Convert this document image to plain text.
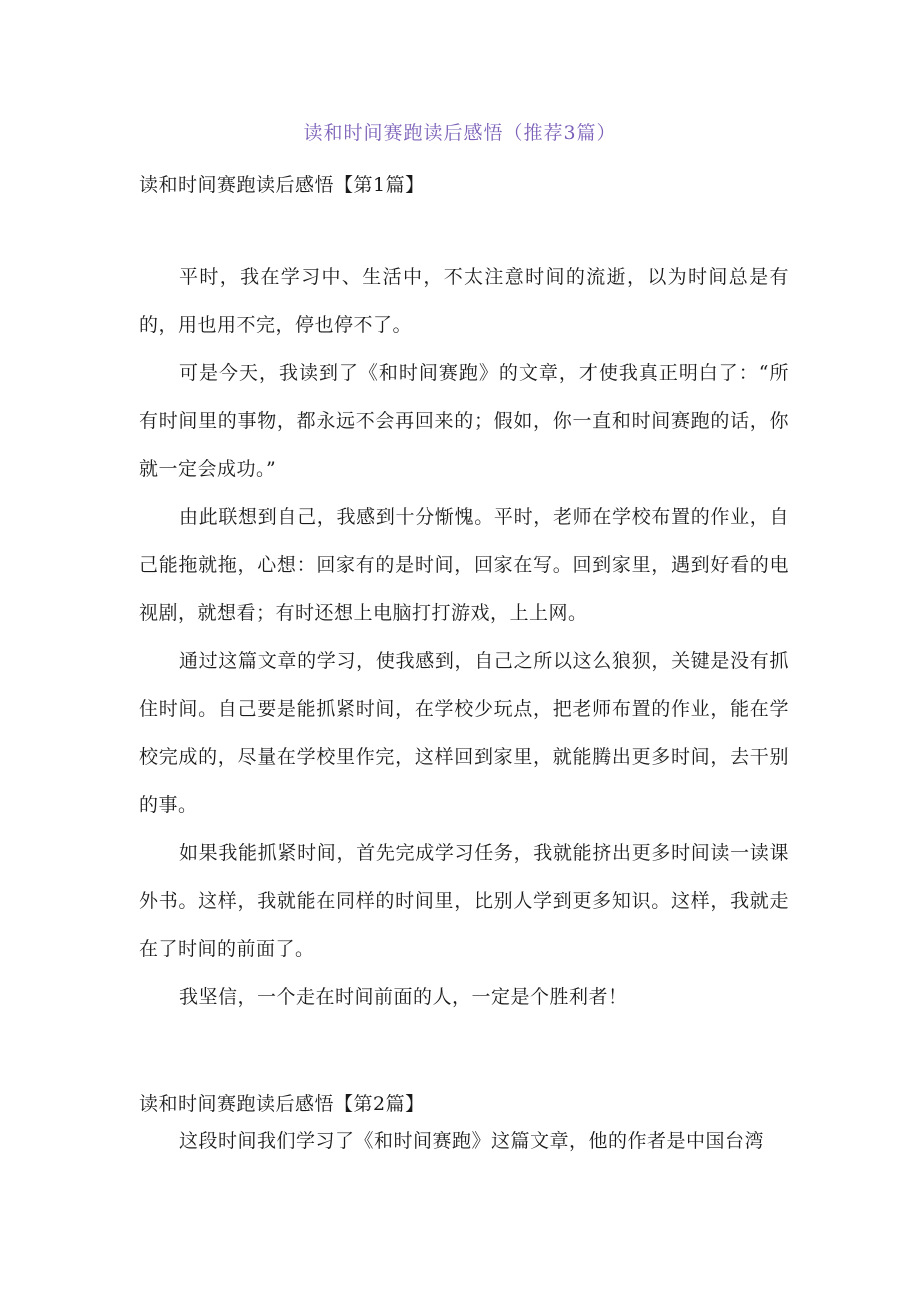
读和时间赛跑读后感悟（推荐3篇）
读和时间赛跑读后感悟【第1篇】

平时，我在学习中、生活中，不太注意时间的流逝，以为时间总是有的，用也用不完，停也停不了。

可是今天，我读到了《和时间赛跑》的文章，才使我真正明白了：“所有时间里的事物，都永远不会再回来的；假如，你一直和时间赛跑的话，你就一定会成功。”

由此联想到自己，我感到十分惭愧。平时，老师在学校布置的作业，自己能拖就拖，心想：回家有的是时间，回家在写。回到家里，遇到好看的电视剧，就想看；有时还想上电脑打打游戏，上上网。

通过这篇文章的学习，使我感到，自己之所以这么狼狈，关键是没有抓住时间。自己要是能抓紧时间，在学校少玩点，把老师布置的作业，能在学校完成的，尽量在学校里作完，这样回到家里，就能腾出更多时间，去干别的事。

如果我能抓紧时间，首先完成学习任务，我就能挤出更多时间读一读课外书。这样，我就能在同样的时间里，比别人学到更多知识。这样，我就走在了时间的前面了。

我坚信，一个走在时间前面的人，一定是个胜利者！

读和时间赛跑读后感悟【第2篇】

这段时间我们学习了《和时间赛跑》这篇文章，他的作者是中国台湾
